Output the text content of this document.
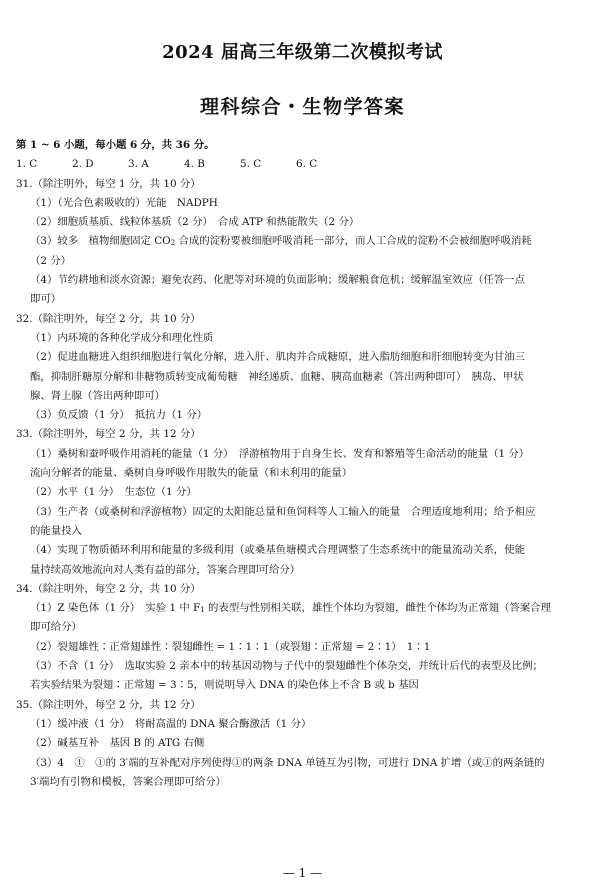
2024 届高三年级第二次模拟考试
理科综合・生物学答案
第 1 ~ 6 小题，每小题 6 分，共 36 分。
1. C	2. D	3. A	4. B	5. C	6. C
31.（除注明外，每空 1 分，共 10 分）
（1）（光合色素吸收的）光能　NADPH
（2）细胞质基质、线粒体基质（2 分）　合成 ATP 和热能散失（2 分）
（3）较多　植物细胞固定 $CO_2$ 合成的淀粉要被细胞呼吸消耗一部分，而人工合成的淀粉不会被细胞呼吸消耗
（2 分）
（4）节约耕地和淡水资源；避免农药、化肥等对环境的负面影响；缓解粮食危机；缓解温室效应（任答一点
即可）
32.（除注明外，每空 2 分，共 10 分）
（1）内环境的各种化学成分和理化性质
（2）促进血糖进入组织细胞进行氧化分解，进入肝、肌肉并合成糖原，进入脂肪细胞和肝细胞转变为甘油三
酯，抑制肝糖原分解和非糖物质转变成葡萄糖　神经递质、血糖、胰高血糖素（答出两种即可）　胰岛、甲状
腺、肾上腺（答出两种即可）
（3）负反馈（1 分）　抵抗力（1 分）
33.（除注明外，每空 2 分，共 12 分）
（1）桑树和蚕呼吸作用消耗的能量（1 分）　浮游植物用于自身生长、发育和繁殖等生命活动的能量（1 分）
流向分解者的能量、桑树自身呼吸作用散失的能量（和未利用的能量）
（2）水平（1 分）　生态位（1 分）
（3）生产者（或桑树和浮游植物）固定的太阳能总量和鱼饲料等人工输入的能量　合理适度地利用；给予相应
的能量投入
（4）实现了物质循环利用和能量的多级利用（或桑基鱼塘模式合理调整了生态系统中的能量流动关系，使能
量持续高效地流向对人类有益的部分，答案合理即可给分）
34.（除注明外，每空 2 分，共 10 分）
（1）Z 染色体（1 分）　实验 1 中 $F_1$ 的表型与性别相关联，雄性个体均为裂翅，雌性个体均为正常翅（答案合理
即可给分）
（2）裂翅雄性∶正常翅雄性∶裂翅雌性 = 1∶1∶1（或裂翅∶正常翅 = 2∶1）　1∶1
（3）不含（1 分）　选取实验 2 亲本中的转基因动物与子代中的裂翅雌性个体杂交，并统计后代的表型及比例；
若实验结果为裂翅∶正常翅 = 3∶5，则说明导入 DNA 的染色体上不含 B 或 b 基因
35.（除注明外，每空 2 分，共 12 分）
（1）缓冲液（1 分）　将耐高温的 DNA 聚合酶激活（1 分）
（2）碱基互补　基因 B 的 ATG 右侧
（3）4　①　①的 3′端的互补配对序列使得①的两条 DNA 单链互为引物，可进行 DNA 扩增（或①的两条链的
3′端均有引物和模板，答案合理即可给分）
— 1 —
